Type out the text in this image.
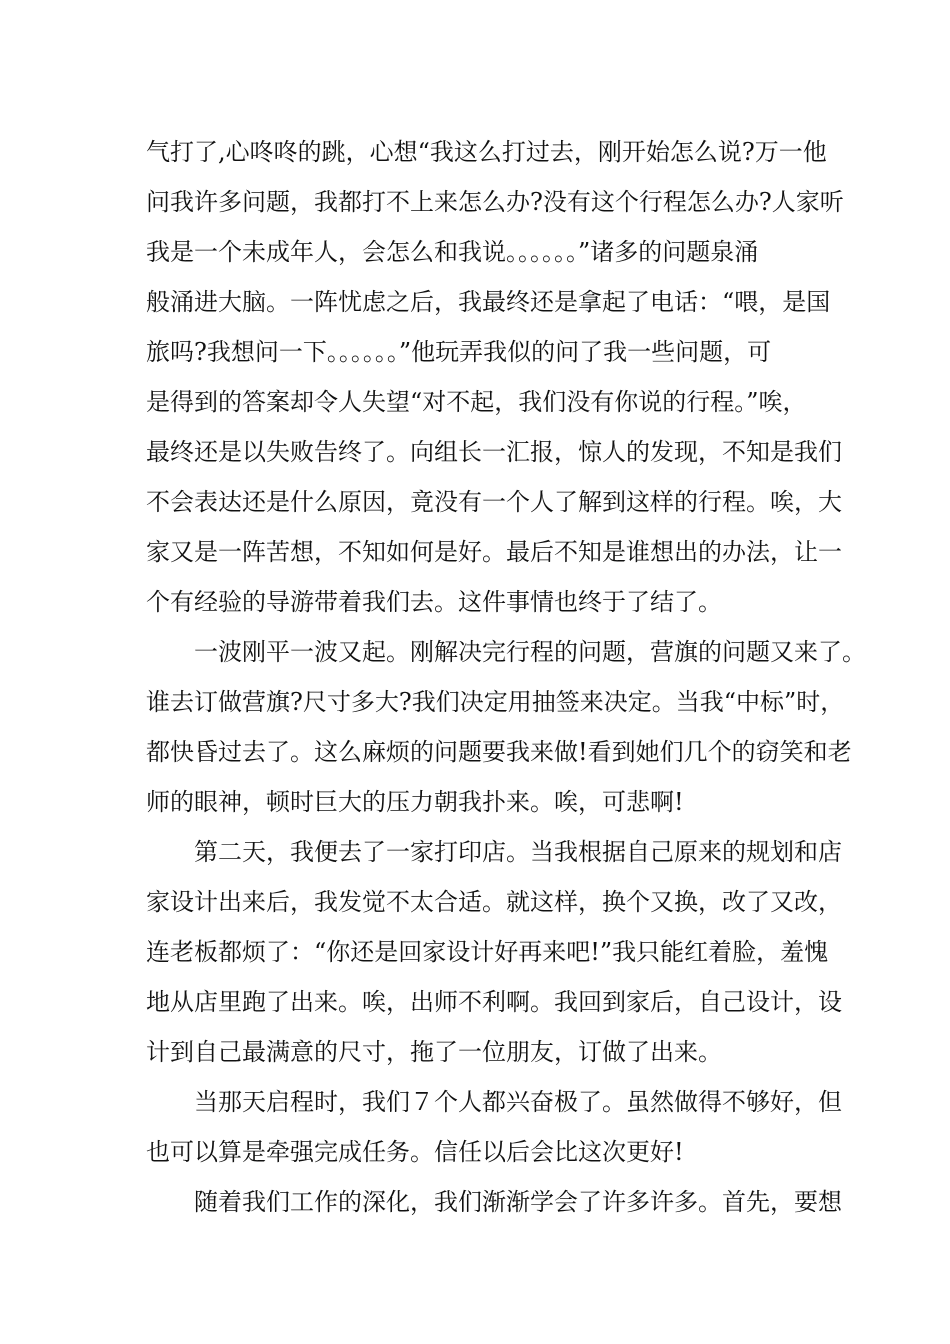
气打了,心咚咚的跳，心想“我这么打过去，刚开始怎么说?万一他
问我许多问题，我都打不上来怎么办?没有这个行程怎么办?人家听
我是一个未成年人，会怎么和我说。。。。。。”诸多的问题泉涌
般涌进大脑。一阵忧虑之后，我最终还是拿起了电话：“喂，是国
旅吗?我想问一下。。。。。。”他玩弄我似的问了我一些问题，可
是得到的答案却令人失望“对不起，我们没有你说的行程。”唉，
最终还是以失败告终了。向组长一汇报，惊人的发现，不知是我们
不会表达还是什么原因，竟没有一个人了解到这样的行程。唉，大
家又是一阵苦想，不知如何是好。最后不知是谁想出的办法，让一
个有经验的导游带着我们去。这件事情也终于了结了。
一波刚平一波又起。刚解决完行程的问题，营旗的问题又来了。
谁去订做营旗?尺寸多大?我们决定用抽签来决定。当我“中标”时，
都快昏过去了。这么麻烦的问题要我来做!看到她们几个的窃笑和老
师的眼神，顿时巨大的压力朝我扑来。唉，可悲啊!
第二天，我便去了一家打印店。当我根据自己原来的规划和店
家设计出来后，我发觉不太合适。就这样，换个又换，改了又改，
连老板都烦了：“你还是回家设计好再来吧!”我只能红着脸，羞愧
地从店里跑了出来。唉，出师不利啊。我回到家后，自己设计，设
计到自己最满意的尺寸，拖了一位朋友，订做了出来。
当那天启程时，我们７个人都兴奋极了。虽然做得不够好，但
也可以算是牵强完成任务。信任以后会比这次更好!
随着我们工作的深化，我们渐渐学会了许多许多。首先，要想
